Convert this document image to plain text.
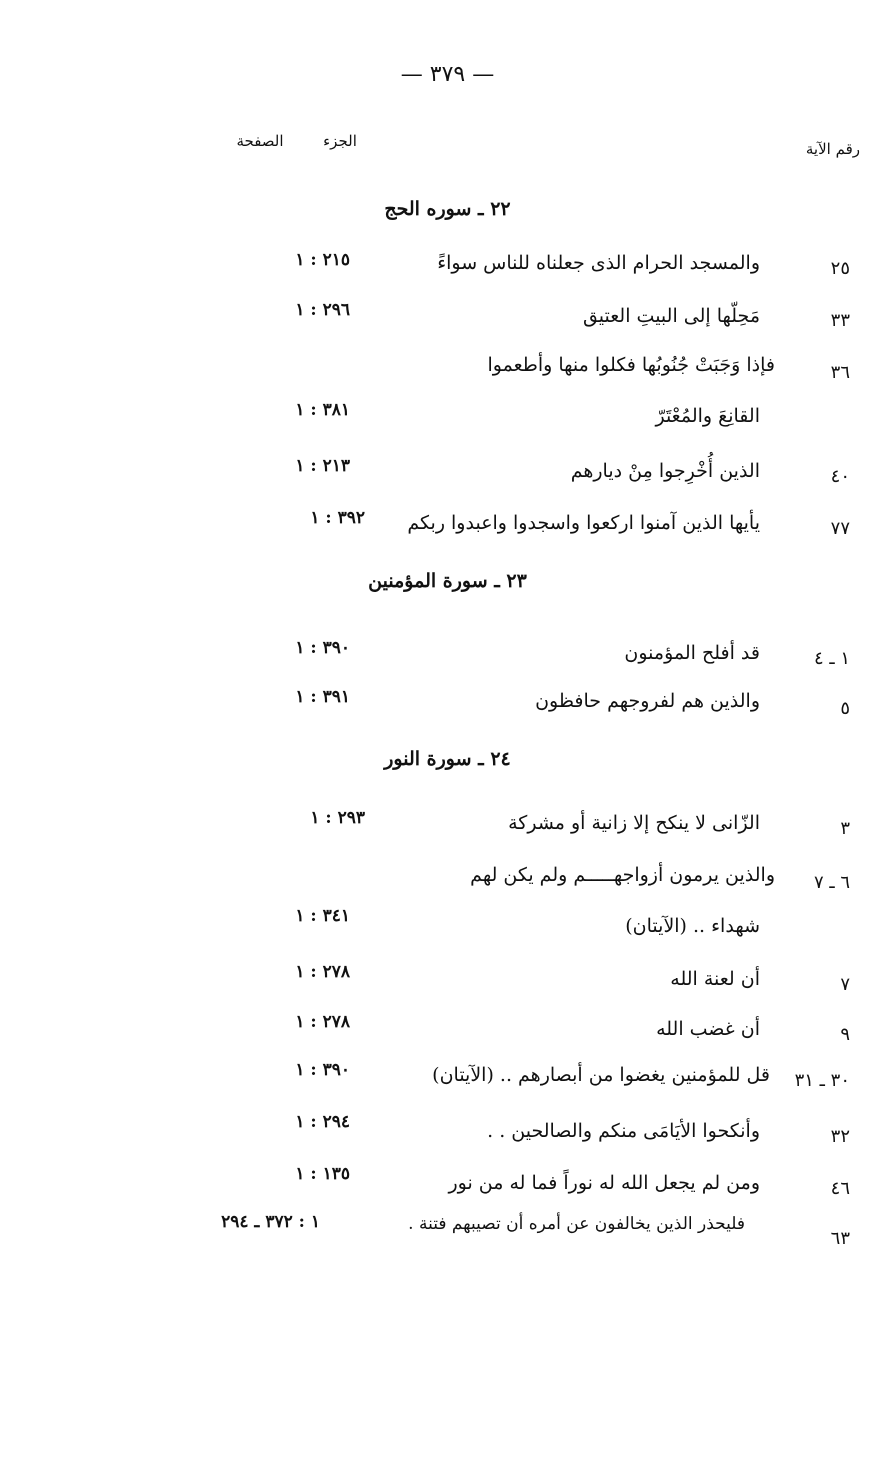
— ٣٧٩ —
رقم الآية
الجزء
الصفحة
٢٢ ـ سوره الحج
٢٥
والمسجد الحرام الذى جعلناه للناس سواءً
٢١٥ : ١
٣٣
مَحِلّها إلى البيتِ العتيق
٢٩٦ : ١
٣٦
فإذا وَجَبَتْ جُنُوبُها فكلوا منها وأطعموا
القانِعَ والمُعْتَرّ
٣٨١ : ١
٤٠
الذين أُخْرِجوا مِنْ ديارهم
٢١٣ : ١
٧٧
يأيها الذين آمنوا اركعوا واسجدوا واعبدوا ربكم
٣٩٢ : ١
٢٣ ـ سورة المؤمنين
١ ـ ٤
قد أفلح المؤمنون
٣٩٠ : ١
٥
والذين هم لفروجهم حافظون
٣٩١ : ١
٢٤ ـ سورة النور
٣
الزّانى لا ينكح إلا زانية أو مشركة
٢٩٣ : ١
٦ ـ ٧
والذين يرمون أزواجهـــــم ولم يكن لهم
شهداء .. (الآيتان)
٣٤١ : ١
٧
أن لعنة الله
٢٧٨ : ١
٩
أن غضب الله
٢٧٨ : ١
٣٠ ـ ٣١
قل للمؤمنين يغضوا من أبصارهم .. (الآيتان)
٣٩٠ : ١
٣٢
وأنكحوا الأيَامَى منكم والصالحين . .
٢٩٤ : ١
٤٦
ومن لم يجعل الله له نوراً فما له من نور
١٣٥ : ١
٦٣
فليحذر الذين يخالفون عن أمره أن تصيبهم فتنة .
١ : ٣٧٢ ـ ٢٩٤
